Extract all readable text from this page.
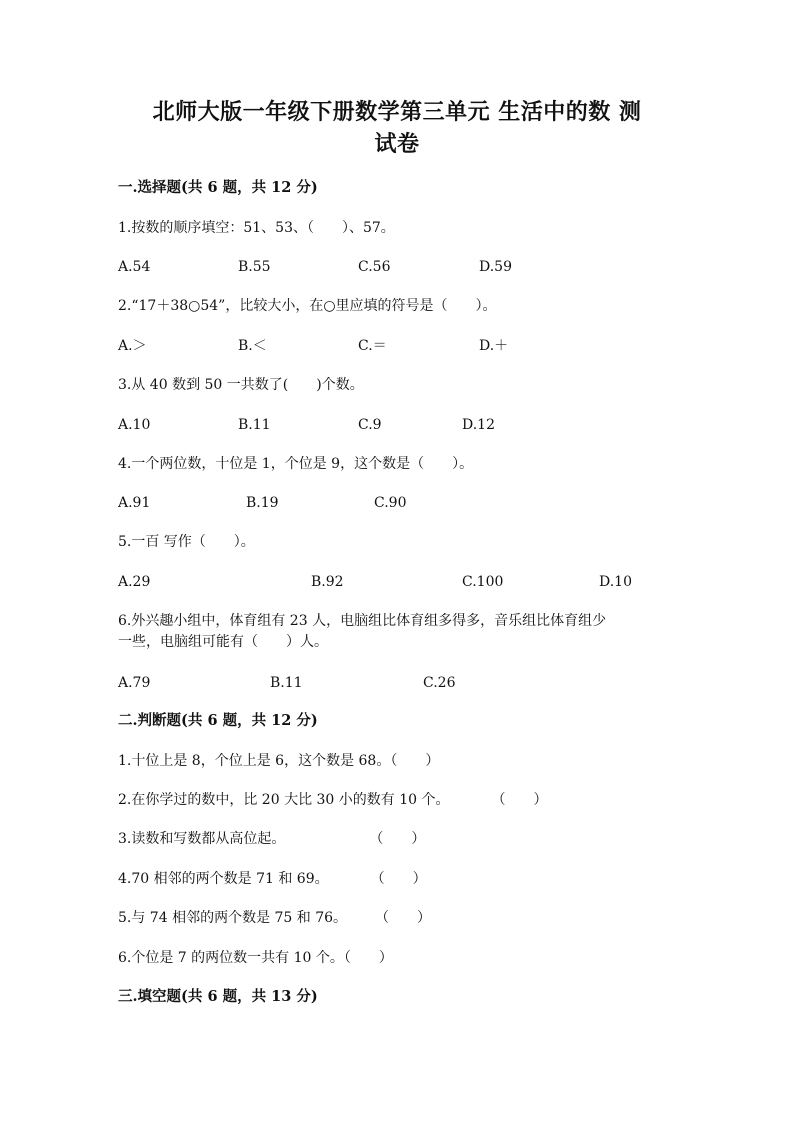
北师大版一年级下册数学第三单元 生活中的数 测
试卷
一.选择题(共 6 题，共 12 分)
1.按数的顺序填空：51、53、（　　）、57。
A.54	B.55	C.56	D.59
2.“17＋38○54”，比较大小，在○里应填的符号是（　　）。
A.＞	B.＜	C.＝	D.＋
3.从 40 数到 50 一共数了(　　)个数。
A.10	B.11	C.9	D.12
4.一个两位数，十位是 1，个位是 9，这个数是（　　）。
A.91	B.19	C.90
5.一百 写作（　　）。
A.29	B.92	C.100	D.10
6.外兴趣小组中，体育组有 23 人，电脑组比体育组多得多，音乐组比体育组少
一些，电脑组可能有（　　）人。
A.79	B.11	C.26
二.判断题(共 6 题，共 12 分)
1.十位上是 8，个位上是 6，这个数是 68。（　　）
2.在你学过的数中，比 20 大比 30 小的数有 10 个。　　　　（　　）
3.读数和写数都从高位起。　　　　　　　（　　）
4.70 相邻的两个数是 71 和 69。　　　　（　　）
5.与 74 相邻的两个数是 75 和 76。　　　（　　）
6.个位是 7 的两位数一共有 10 个。（　　）
三.填空题(共 6 题，共 13 分)
